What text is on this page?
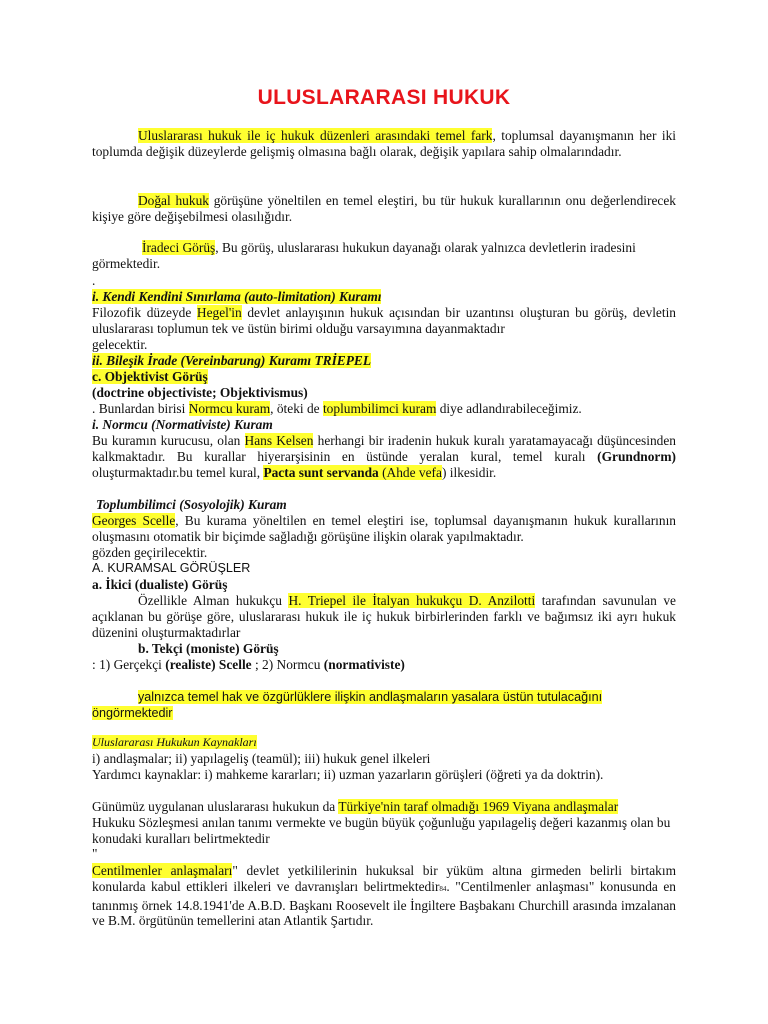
ULUSLARARASI HUKUK

Uluslararası hukuk ile iç hukuk düzenleri arasındaki temel fark, toplumsal dayanışmanın her iki toplumda değişik düzeylerde gelişmiş olmasına bağlı olarak, değişik yapılara sahip olmalarındadır.

Doğal hukuk görüşüne yöneltilen en temel eleştiri, bu tür hukuk kurallarının onu değerlendirecek kişiye göre değişebilmesi olasılığıdır.

İradeci Görüş, Bu görüş, uluslararası hukukun dayanağı olarak yalnızca devletlerin iradesini görmektedir.

.

i. Kendi Kendini Sınırlama (auto-limitation) Kuramı

Filozofik düzeyde Hegel'in devlet anlayışının hukuk açısından bir uzantınsı oluşturan bu görüş, devletin uluslararası toplumun tek ve üstün birimi olduğu varsayımına dayanmaktadır
gelecektir.

ii. Bileşik İrade (Vereinbarung) Kuramı TRİEPEL

c. Objektivist Görüş

(doctrine objectiviste; Objektivismus)

. Bunlardan birisi Normcu kuram, öteki de toplumbilimci kuram diye adlandırabileceğimiz.

i. Normcu (Normativiste) Kuram

Bu kuramın kurucusu, olan Hans Kelsen herhangi bir iradenin hukuk kuralı yaratamayacağı düşüncesinden kalkmaktadır. Bu kurallar hiyerarşisinin en üstünde yeralan kural, temel kuralı (Grundnorm) oluşturmaktadır.bu temel kural, Pacta sunt servanda (Ahde vefa) ilkesidir.

Toplumbilimci (Sosyolojik) Kuram

Georges Scelle, Bu kurama yöneltilen en temel eleştiri ise, toplumsal dayanışmanın hukuk kurallarının oluşmasını otomatik bir biçimde sağladığı görüşüne ilişkin olarak yapılmaktadır.
gözden geçirilecektir.

A. KURAMSAL GÖRÜŞLER

a. İkici (dualiste) Görüş

Özellikle Alman hukukçu H. Triepel ile İtalyan hukukçu D. Anzilotti tarafından savunulan ve açıklanan bu görüşe göre, uluslararası hukuk ile iç hukuk birbirlerinden farklı ve bağımsız iki ayrı hukuk düzenini oluşturmaktadırlar

b. Tekçi (moniste) Görüş

: 1) Gerçekçi (realiste) Scelle ; 2) Normcu (normativiste)

yalnızca temel hak ve özgürlüklere ilişkin andlaşmaların yasalara üstün tutulacağını öngörmektedir

Uluslararası Hukukun Kaynakları

i) andlaşmalar; ii) yapılageliş (teamül); iii) hukuk genel ilkeleri

Yardımcı kaynaklar: i) mahkeme kararları; ii) uzman yazarların görüşleri (öğreti ya da doktrin).

Günümüz uygulanan uluslararası hukukun da Türkiye'nin taraf olmadığı 1969 Viyana andlaşmalar
Hukuku Sözleşmesi anılan tanımı vermekte ve bugün büyük çoğunluğu yapılageliş değeri kazanmış olan bu konudaki kuralları belirtmektedir
"

Centilmenler anlaşmaları" devlet yetkililerinin hukuksal bir yüküm altına girmeden belirli birtakım konularda kabul ettikleri ilkeleri ve davranışları belirtmektedir84. "Centilmenler anlaşması" konusunda en tanınmış örnek 14.8.1941'de A.B.D. Başkanı Roosevelt ile İngiltere Başbakanı Churchill arasında imzalanan ve B.M. örgütünün temellerini atan Atlantik Şartıdır.
